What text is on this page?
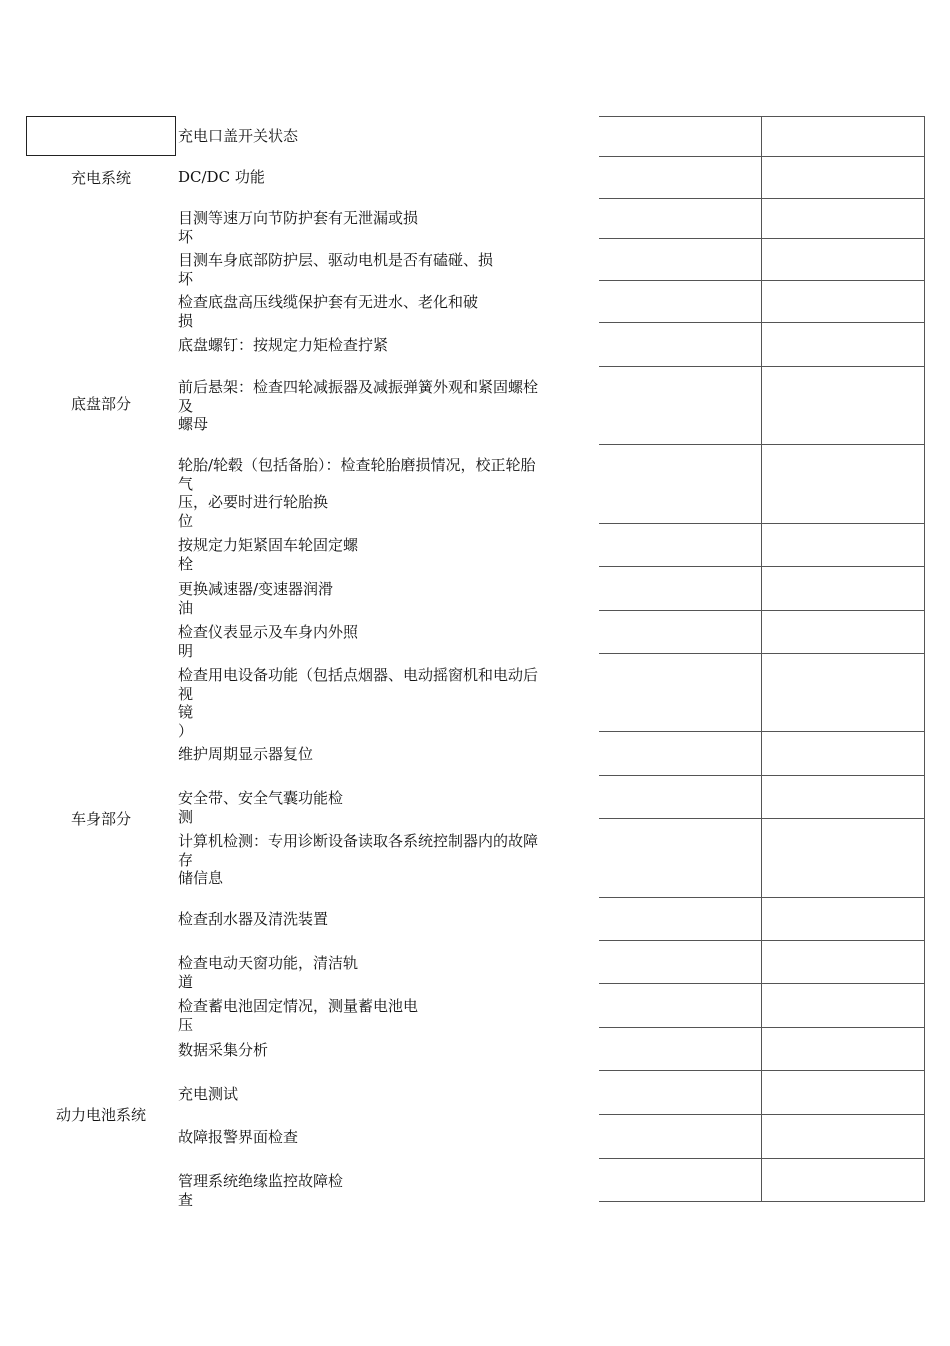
充电系统
底盘部分
车身部分
动力电池系统
充电口盖开关状态
DC/DC 功能
目测等速万向节防护套有无泄漏或损
坏
目测车身底部防护层、驱动电机是否有磕碰、损
坏
检查底盘高压线缆保护套有无进水、老化和破
损
底盘螺钉：按规定力矩检查拧紧
前后悬架：检查四轮减振器及减振弹簧外观和紧固螺栓
及
螺母
轮胎/轮毂（包括备胎）：检查轮胎磨损情况，校正轮胎
气
压，必要时进行轮胎换
位
按规定力矩紧固车轮固定螺
栓
更换减速器/变速器润滑
油
检查仪表显示及车身内外照
明
检查用电设备功能（包括点烟器、电动摇窗机和电动后
视
镜
）
维护周期显示器复位
安全带、安全气囊功能检
测
计算机检测：专用诊断设备读取各系统控制器内的故障
存
储信息
检查刮水器及清洗装置
检查电动天窗功能，清洁轨
道
检查蓄电池固定情况，测量蓄电池电
压
数据采集分析
充电测试
故障报警界面检查
管理系统绝缘监控故障检
查
